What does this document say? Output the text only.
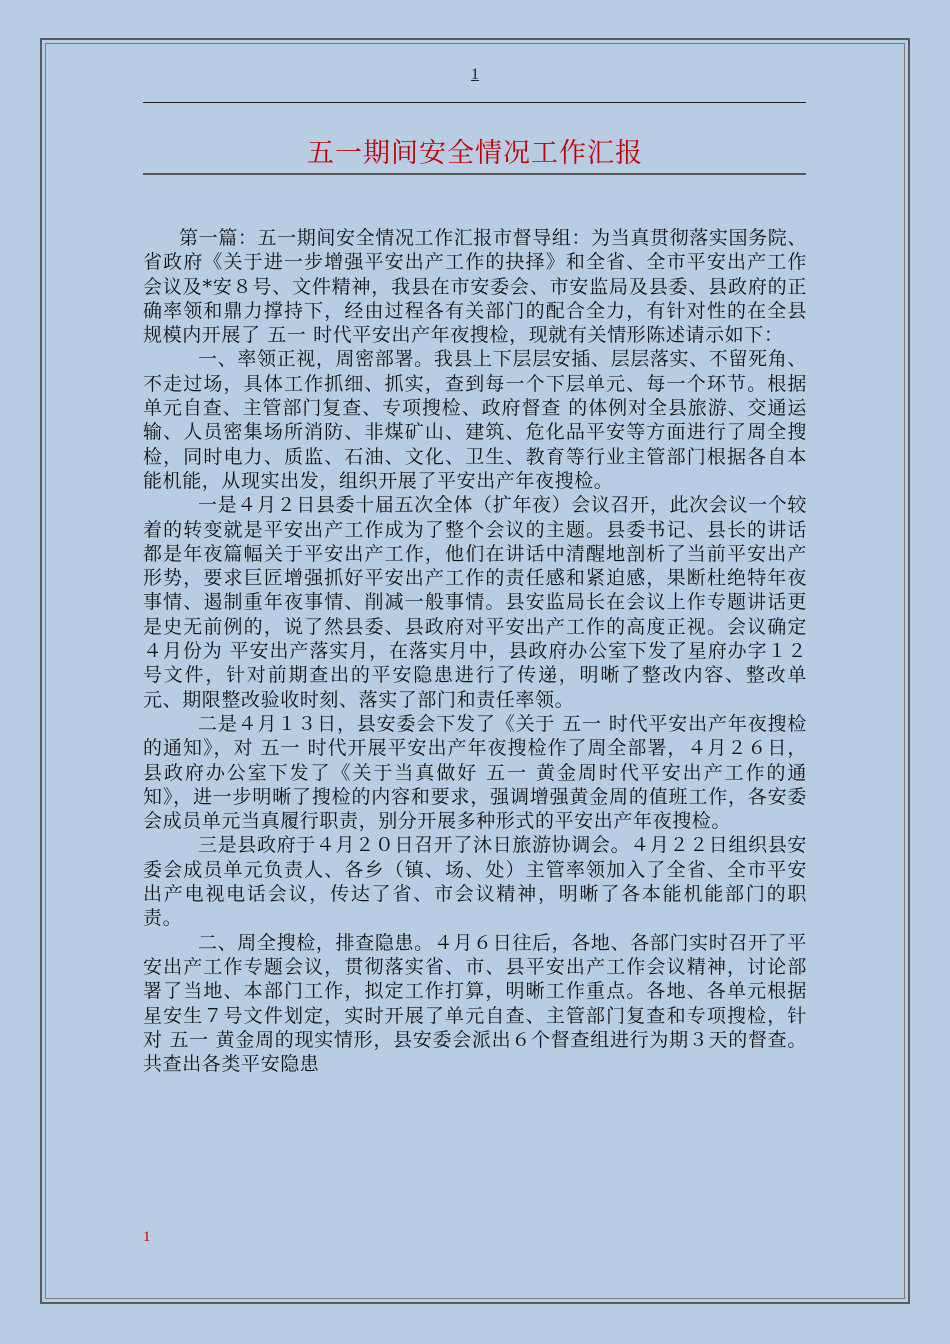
1
五一期间安全情况工作汇报

第一篇：五一期间安全情况工作汇报市督导组：为当真贯彻落实国务院、省政府《关于进一步增强平安出产工作的抉择》和全省、全市平安出产工作会议及*安８号、文件精神，我县在市安委会、市安监局及县委、县政府的正确率领和鼎力撑持下，经由过程各有关部门的配合全力，有针对性的在全县规模内开展了 五一 时代平安出产年夜搜检，现就有关情形陈述请示如下：

一、率领正视，周密部署。我县上下层层安插、层层落实、不留死角、不走过场，具体工作抓细、抓实，查到每一个下层单元、每一个环节。根据 单元自查、主管部门复查、专项搜检、政府督查 的体例对全县旅游、交通运输、人员密集场所消防、非煤矿山、建筑、危化品平安等方面进行了周全搜检，同时电力、质监、石油、文化、卫生、教育等行业主管部门根据各自本能机能，从现实出发，组织开展了平安出产年夜搜检。

一是４月２日县委十届五次全体（扩年夜）会议召开，此次会议一个较着的转变就是平安出产工作成为了整个会议的主题。县委书记、县长的讲话都是年夜篇幅关于平安出产工作，他们在讲话中清醒地剖析了当前平安出产形势，要求巨匠增强抓好平安出产工作的责任感和紧迫感，果断杜绝特年夜事情、遏制重年夜事情、削减一般事情。县安监局长在会议上作专题讲话更是史无前例的，说了然县委、县政府对平安出产工作的高度正视。会议确定４月份为 平安出产落实月，在落实月中，县政府办公室下发了星府办字１２号文件，针对前期查出的平安隐患进行了传递，明晰了整改内容、整改单元、期限整改验收时刻、落实了部门和责任率领。

二是４月１３日，县安委会下发了《关于 五一 时代平安出产年夜搜检的通知》，对 五一 时代开展平安出产年夜搜检作了周全部署，４月２６日，县政府办公室下发了《关于当真做好 五一 黄金周时代平安出产工作的通知》，进一步明晰了搜检的内容和要求，强调增强黄金周的值班工作，各安委会成员单元当真履行职责，别分开展多种形式的平安出产年夜搜检。

三是县政府于４月２０日召开了沐日旅游协调会。４月２２日组织县安委会成员单元负责人、各乡（镇、场、处）主管率领加入了全省、全市平安出产电视电话会议，传达了省、市会议精神，明晰了各本能机能部门的职责。

二、周全搜检，排查隐患。４月６日往后，各地、各部门实时召开了平安出产工作专题会议，贯彻落实省、市、县平安出产工作会议精神，讨论部署了当地、本部门工作，拟定工作打算，明晰工作重点。各地、各单元根据星安生７号文件划定，实时开展了单元自查、主管部门复查和专项搜检，针对 五一 黄金周的现实情形，县安委会派出６个督查组进行为期３天的督查。共查出各类平安隐患

1
